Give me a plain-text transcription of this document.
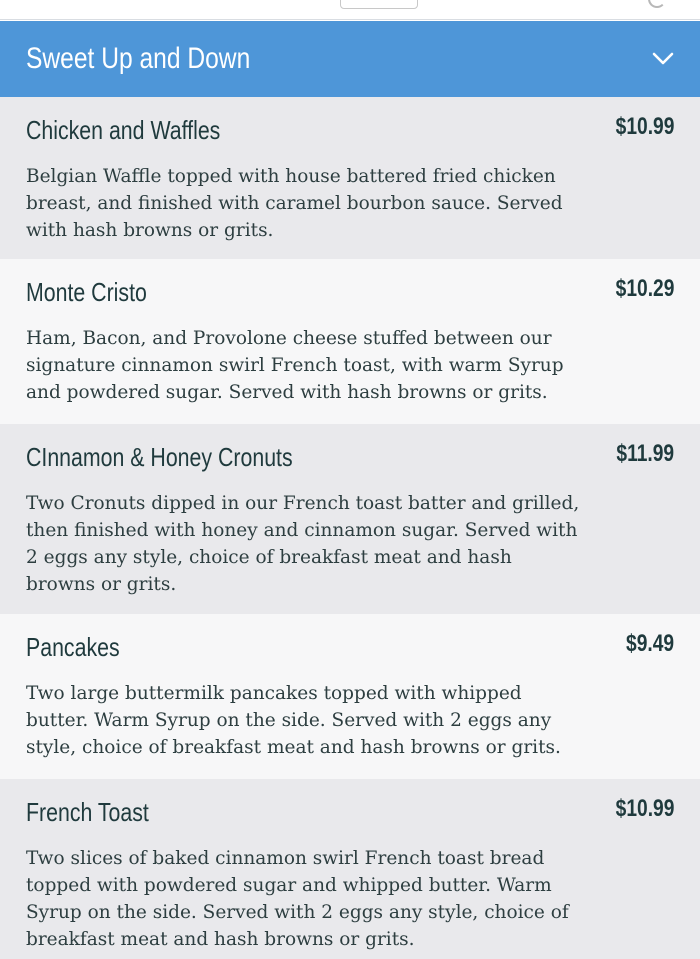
Sweet Up and Down
Chicken and Waffles	$10.99
Belgian Waffle topped with house battered fried chicken breast, and finished with caramel bourbon sauce. Served with hash browns or grits.
Monte Cristo	$10.29
Ham, Bacon, and Provolone cheese stuffed between our signature cinnamon swirl French toast, with warm Syrup and powdered sugar. Served with hash browns or grits.
CInnamon & Honey Cronuts	$11.99
Two Cronuts dipped in our French toast batter and grilled, then finished with honey and cinnamon sugar. Served with 2 eggs any style, choice of breakfast meat and hash browns or grits.
Pancakes	$9.49
Two large buttermilk pancakes topped with whipped butter. Warm Syrup on the side. Served with 2 eggs any style, choice of breakfast meat and hash browns or grits.
French Toast	$10.99
Two slices of baked cinnamon swirl French toast bread topped with powdered sugar and whipped butter. Warm Syrup on the side. Served with 2 eggs any style, choice of breakfast meat and hash browns or grits.
